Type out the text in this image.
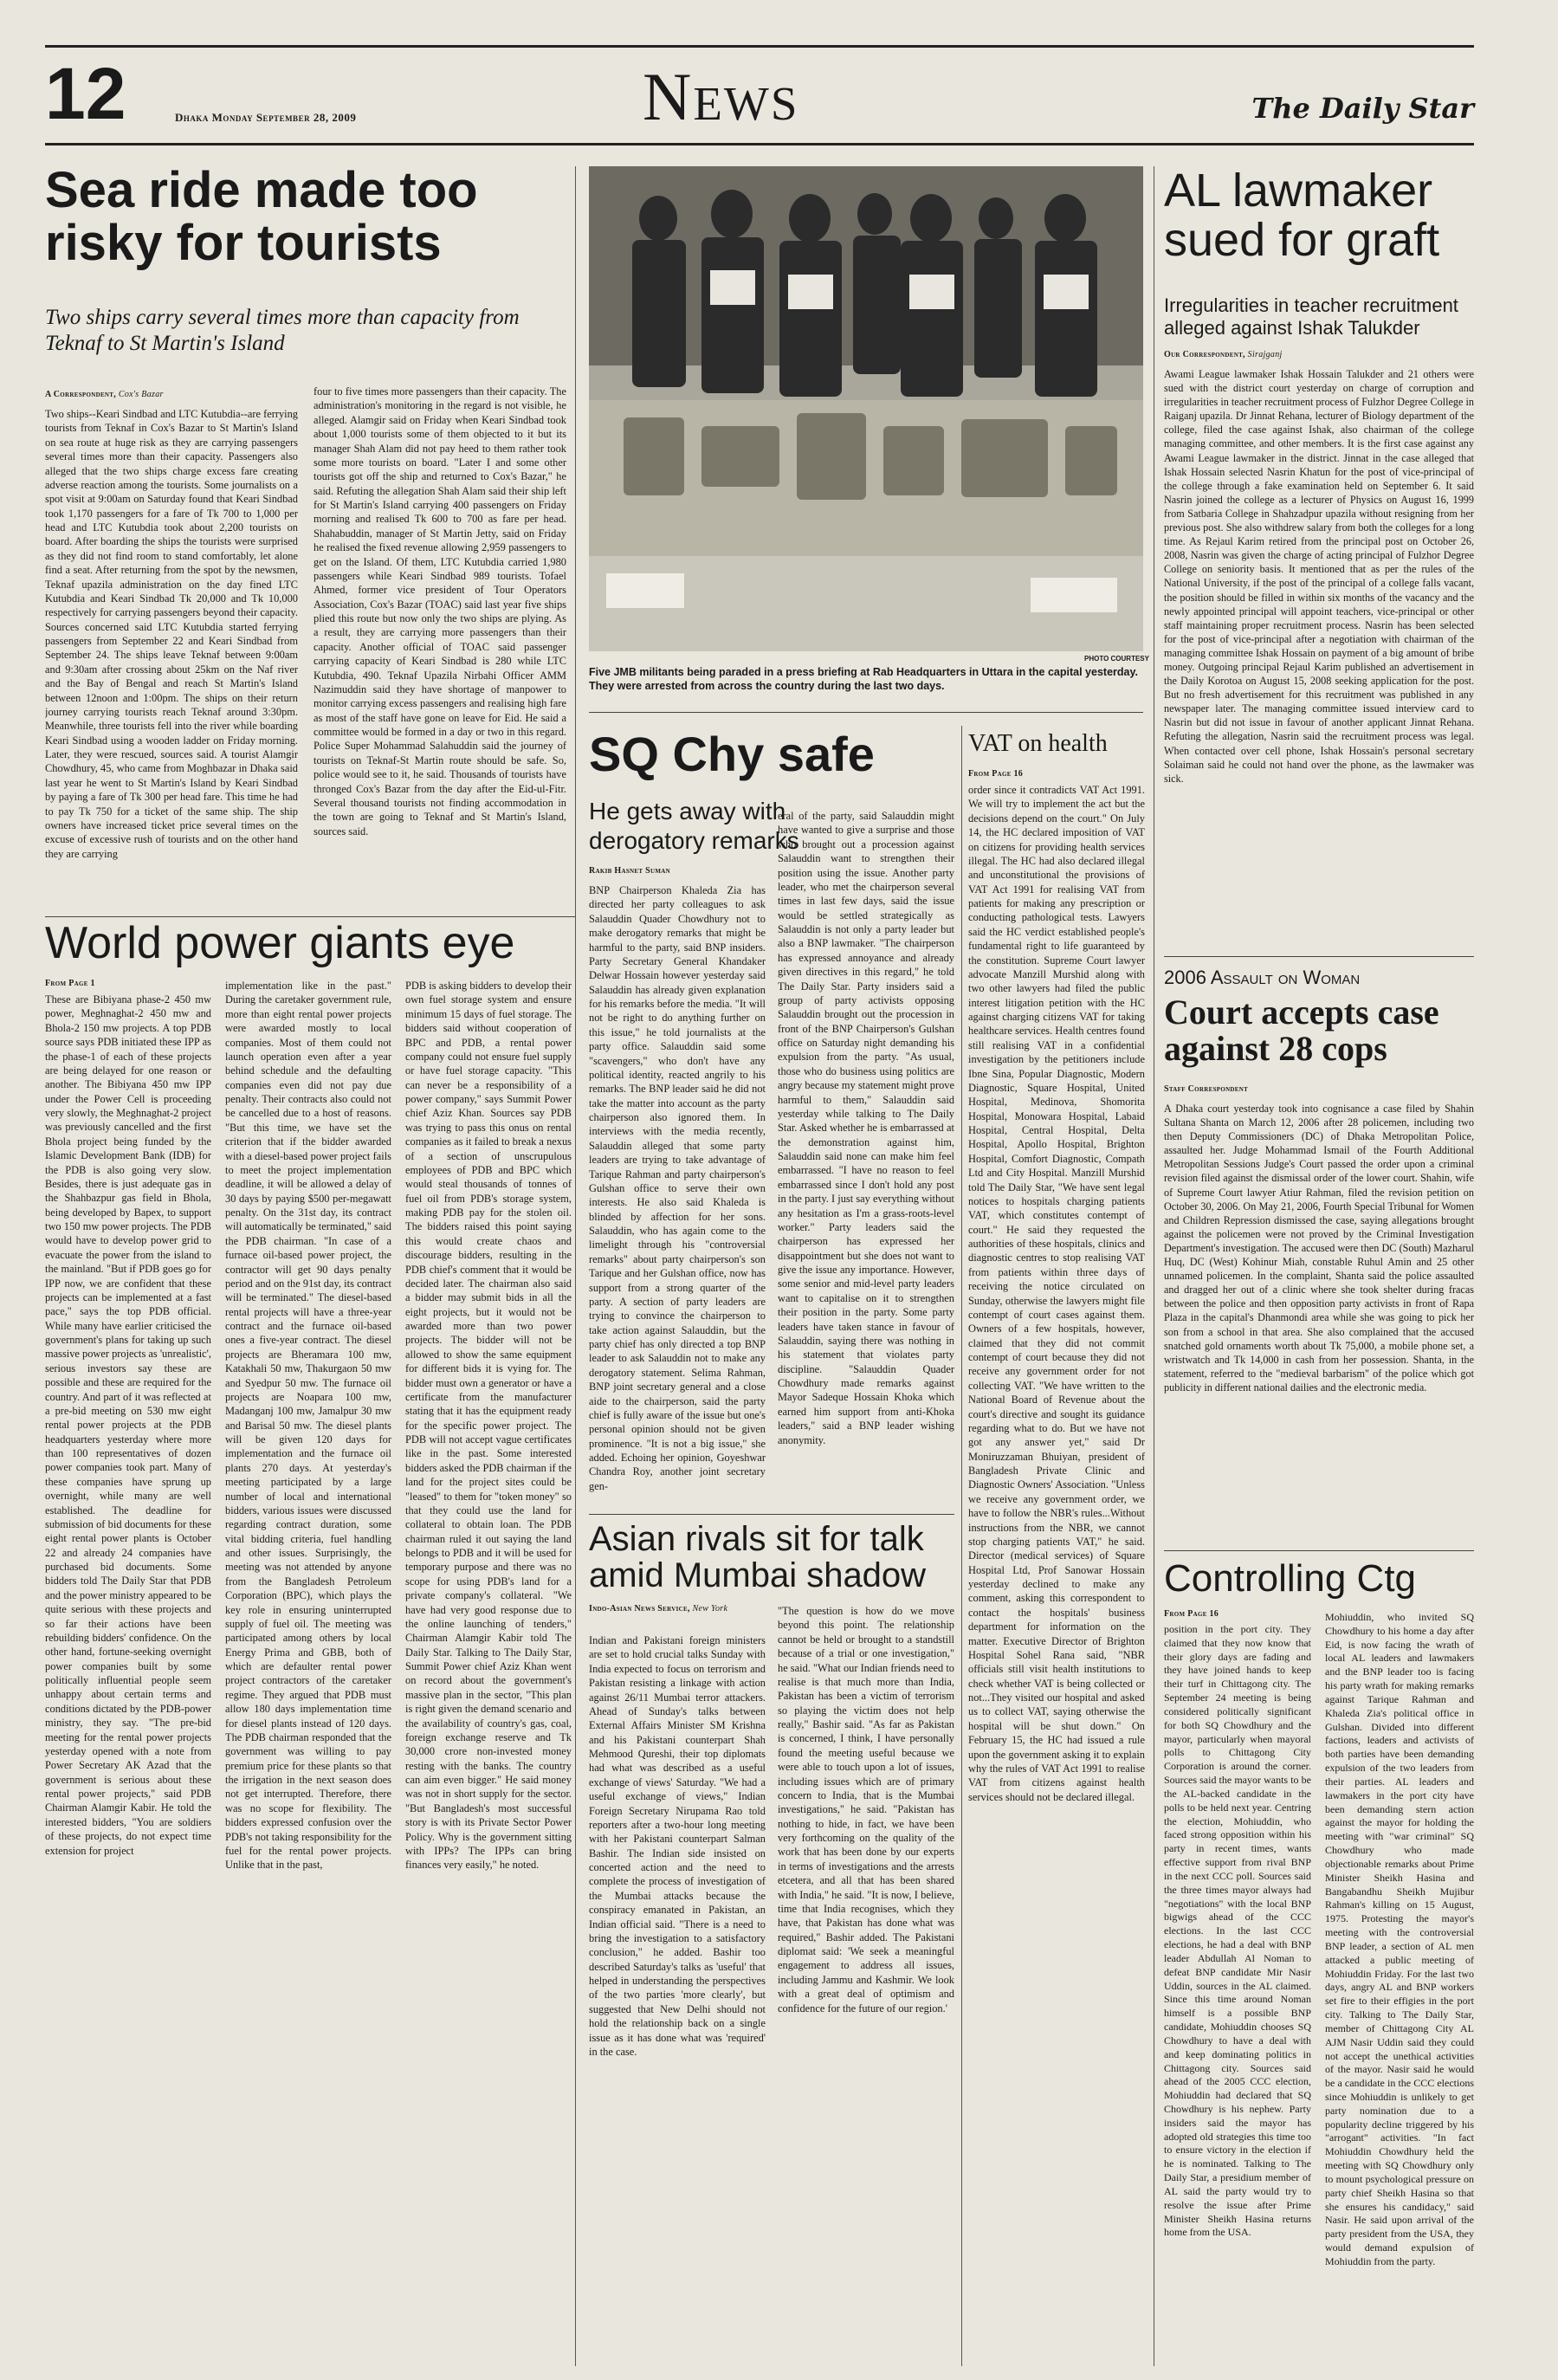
12	Dhaka Monday September 28, 2009	News	The Daily Star
Sea ride made too risky for tourists
Two ships carry several times more than capacity from Teknaf to St Martin's Island
A Correspondent, Cox's Bazar
Two ships--Keari Sindbad and LTC Kutubdia--are ferrying tourists from Teknaf in Cox's Bazar to St Martin's Island on sea route at huge risk as they are carrying passengers several times more than their capacity. Passengers also alleged that the two ships charge excess fare creating adverse reaction among the tourists. Some journalists on a spot visit at 9:00am on Saturday found that Keari Sindbad took 1,170 passengers for a fare of Tk 700 to 1,000 per head and LTC Kutubdia took about 2,200 tourists on board. After boarding the ships the tourists were surprised as they did not find room to stand comfortably, let alone find a seat. After returning from the spot by the newsmen, Teknaf upazila administration on the day fined LTC Kutubdia and Keari Sindbad Tk 20,000 and Tk 10,000 respectively for carrying passengers beyond their capacity. Sources concerned said LTC Kutubdia started ferrying passengers from September 22 and Keari Sindbad from September 24. The ships leave Teknaf between 9:00am and 9:30am after crossing about 25km on the Naf river and the Bay of Bengal and reach St Martin's Island between 12noon and 1:00pm. The ships on their return journey carrying tourists reach Teknaf around 3:30pm. Meanwhile, three tourists fell into the river while boarding Keari Sindbad using a wooden ladder on Friday morning. Later, they were rescued, sources said. A tourist Alamgir Chowdhury, 45, who came from Moghbazar in Dhaka said last year he went to St Martin's Island by Keari Sindbad by paying a fare of Tk 300 per head fare. This time he had to pay Tk 750 for a ticket of the same ship. The ship owners have increased ticket price several times on the excuse of excessive rush of tourists and on the other hand they are carrying
four to five times more passengers than their capacity. The administration's monitoring in the regard is not visible, he alleged. Alamgir said on Friday when Keari Sindbad took about 1,000 tourists some of them objected to it but its manager Shah Alam did not pay heed to them rather took some more tourists on board. "Later I and some other tourists got off the ship and returned to Cox's Bazar," he said. Refuting the allegation Shah Alam said their ship left for St Martin's Island carrying 400 passengers on Friday morning and realised Tk 600 to 700 as fare per head. Shahabuddin, manager of St Martin Jetty, said on Friday he realised the fixed revenue allowing 2,959 passengers to get on the Island. Of them, LTC Kutubdia carried 1,980 passengers while Keari Sindbad 989 tourists. Tofael Ahmed, former vice president of Tour Operators Association, Cox's Bazar (TOAC) said last year five ships plied this route but now only the two ships are plying. As a result, they are carrying more passengers than their capacity. Another official of TOAC said passenger carrying capacity of Keari Sindbad is 280 while LTC Kutubdia, 490. Teknaf Upazila Nirbahi Officer AMM Nazimuddin said they have shortage of manpower to monitor carrying excess passengers and realising high fare as most of the staff have gone on leave for Eid. He said a committee would be formed in a day or two in this regard. Police Super Mohammad Salahuddin said the journey of tourists on Teknaf-St Martin route should be safe. So, police would see to it, he said. Thousands of tourists have thronged Cox's Bazar from the day after the Eid-ul-Fitr. Several thousand tourists not finding accommodation in the town are going to Teknaf and St Martin's Island, sources said.
PHOTO COURTESY
Five JMB militants being paraded in a press briefing at Rab Headquarters in Uttara in the capital yesterday. They were arrested from across the country during the last two days.
SQ Chy safe
He gets away with derogatory remarks
Rakib Hasnet Suman
BNP Chairperson Khaleda Zia has directed her party colleagues to ask Salauddin Quader Chowdhury not to make derogatory remarks that might be harmful to the party, said BNP insiders. Party Secretary General Khandaker Delwar Hossain however yesterday said Salauddin has already given explanation for his remarks before the media. "It will not be right to do anything further on this issue," he told journalists at the party office. Salauddin said some "scavengers," who don't have any political identity, reacted angrily to his remarks. The BNP leader said he did not take the matter into account as the party chairperson also ignored them. In interviews with the media recently, Salauddin alleged that some party leaders are trying to take advantage of Tarique Rahman and party chairperson's Gulshan office to serve their own interests. He also said Khaleda is blinded by affection for her sons. Salauddin, who has again come to the limelight through his "controversial remarks" about party chairperson's son Tarique and her Gulshan office, now has support from a strong quarter of the party. A section of party leaders are trying to convince the chairperson to take action against Salauddin, but the party chief has only directed a top BNP leader to ask Salauddin not to make any derogatory statement. Selima Rahman, BNP joint secretary general and a close aide to the chairperson, said the party chief is fully aware of the issue but one's personal opinion should not be given prominence. "It is not a big issue," she added. Echoing her opinion, Goyeshwar Chandra Roy, another joint secretary gen-
eral of the party, said Salauddin might have wanted to give a surprise and those who brought out a procession against Salauddin want to strengthen their position using the issue. Another party leader, who met the chairperson several times in last few days, said the issue would be settled strategically as Salauddin is not only a party leader but also a BNP lawmaker. "The chairperson has expressed annoyance and already given directives in this regard," he told The Daily Star. Party insiders said a group of party activists opposing Salauddin brought out the procession in front of the BNP Chairperson's Gulshan office on Saturday night demanding his expulsion from the party. "As usual, those who do business using politics are angry because my statement might prove harmful to them," Salauddin said yesterday while talking to The Daily Star. Asked whether he is embarrassed at the demonstration against him, Salauddin said none can make him feel embarrassed. "I have no reason to feel embarrassed since I don't hold any post in the party. I just say everything without any hesitation as I'm a grass-roots-level worker." Party leaders said the chairperson has expressed her disappointment but she does not want to give the issue any importance. However, some senior and mid-level party leaders want to capitalise on it to strengthen their position in the party. Some party leaders have taken stance in favour of Salauddin, saying there was nothing in his statement that violates party discipline. "Salauddin Quader Chowdhury made remarks against Mayor Sadeque Hossain Khoka which earned him support from anti-Khoka leaders," said a BNP leader wishing anonymity.
VAT on health
From Page 16
order since it contradicts VAT Act 1991. We will try to implement the act but the decisions depend on the court." On July 14, the HC declared imposition of VAT on citizens for providing health services illegal. The HC had also declared illegal and unconstitutional the provisions of VAT Act 1991 for realising VAT from patients for making any prescription or conducting pathological tests. Lawyers said the HC verdict established people's fundamental right to life guaranteed by the constitution. Supreme Court lawyer advocate Manzill Murshid along with two other lawyers had filed the public interest litigation petition with the HC against charging citizens VAT for taking healthcare services. Health centres found still realising VAT in a confidential investigation by the petitioners include Ibne Sina, Popular Diagnostic, Modern Diagnostic, Square Hospital, United Hospital, Medinova, Shomorita Hospital, Monowara Hospital, Labaid Hospital, Central Hospital, Delta Hospital, Apollo Hospital, Brighton Hospital, Comfort Diagnostic, Compath Ltd and City Hospital. Manzill Murshid told The Daily Star, "We have sent legal notices to hospitals charging patients VAT, which constitutes contempt of court." He said they requested the authorities of these hospitals, clinics and diagnostic centres to stop realising VAT from patients within three days of receiving the notice circulated on Sunday, otherwise the lawyers might file contempt of court cases against them. Owners of a few hospitals, however, claimed that they did not commit contempt of court because they did not receive any government order for not collecting VAT. "We have written to the National Board of Revenue about the court's directive and sought its guidance regarding what to do. But we have not got any answer yet," said Dr Moniruzzaman Bhuiyan, president of Bangladesh Private Clinic and Diagnostic Owners' Association. "Unless we receive any government order, we have to follow the NBR's rules...Without instructions from the NBR, we cannot stop charging patients VAT," he said. Director (medical services) of Square Hospital Ltd, Prof Sanowar Hossain yesterday declined to make any comment, asking this correspondent to contact the hospitals' business department for information on the matter. Executive Director of Brighton Hospital Sohel Rana said, "NBR officials still visit health institutions to check whether VAT is being collected or not...They visited our hospital and asked us to collect VAT, saying otherwise the hospital will be shut down." On February 15, the HC had issued a rule upon the government asking it to explain why the rules of VAT Act 1991 to realise VAT from citizens against health services should not be declared illegal.
AL lawmaker sued for graft
Irregularities in teacher recruitment alleged against Ishak Talukder
Our Correspondent, Sirajganj
Awami League lawmaker Ishak Hossain Talukder and 21 others were sued with the district court yesterday on charge of corruption and irregularities in teacher recruitment process of Fulzhor Degree College in Raiganj upazila. Dr Jinnat Rehana, lecturer of Biology department of the college, filed the case against Ishak, also chairman of the college managing committee, and other members. It is the first case against any Awami League lawmaker in the district. Jinnat in the case alleged that Ishak Hossain selected Nasrin Khatun for the post of vice-principal of the college through a fake examination held on September 6. It said Nasrin joined the college as a lecturer of Physics on August 16, 1999 from Satbaria College in Shahzadpur upazila without resigning from her previous post. She also withdrew salary from both the colleges for a long time. As Rejaul Karim retired from the principal post on October 26, 2008, Nasrin was given the charge of acting principal of Fulzhor Degree College on seniority basis. It mentioned that as per the rules of the National University, if the post of the principal of a college falls vacant, the position should be filled in within six months of the vacancy and the newly appointed principal will appoint teachers, vice-principal or other staff maintaining proper recruitment process. Nasrin has been selected for the post of vice-principal after a negotiation with chairman of the managing committee Ishak Hossain on payment of a big amount of bribe money. Outgoing principal Rejaul Karim published an advertisement in the Daily Korotoa on August 15, 2008 seeking application for the post. But no fresh advertisement for this recruitment was published in any newspaper later. The managing committee issued interview card to Nasrin but did not issue in favour of another applicant Jinnat Rehana. Refuting the allegation, Nasrin said the recruitment process was legal. When contacted over cell phone, Ishak Hossain's personal secretary Solaiman said he could not hand over the phone, as the lawmaker was sick.
2006 Assault on Woman
Court accepts case against 28 cops
Staff Correspondent
A Dhaka court yesterday took into cognisance a case filed by Shahin Sultana Shanta on March 12, 2006 after 28 policemen, including two then Deputy Commissioners (DC) of Dhaka Metropolitan Police, assaulted her. Judge Mohammad Ismail of the Fourth Additional Metropolitan Sessions Judge's Court passed the order upon a criminal revision filed against the dismissal order of the lower court. Shahin, wife of Supreme Court lawyer Atiur Rahman, filed the revision petition on October 30, 2006. On May 21, 2006, Fourth Special Tribunal for Women and Children Repression dismissed the case, saying allegations brought against the policemen were not proved by the Criminal Investigation Department's investigation. The accused were then DC (South) Mazharul Huq, DC (West) Kohinur Miah, constable Ruhul Amin and 25 other unnamed policemen. In the complaint, Shanta said the police assaulted and dragged her out of a clinic where she took shelter during fracas between the police and then opposition party activists in front of Rapa Plaza in the capital's Dhanmondi area while she was going to pick her son from a school in that area. She also complained that the accused snatched gold ornaments worth about Tk 75,000, a mobile phone set, a wristwatch and Tk 14,000 in cash from her possession. Shanta, in the statement, referred to the "medieval barbarism" of the police which got publicity in different national dailies and the electronic media.
Controlling Ctg
From Page 16
position in the port city. They claimed that they now know that their glory days are fading and they have joined hands to keep their turf in Chittagong city. The September 24 meeting is being considered politically significant for both SQ Chowdhury and the mayor, particularly when mayoral polls to Chittagong City Corporation is around the corner. Sources said the mayor wants to be the AL-backed candidate in the polls to be held next year. Centring the election, Mohiuddin, who faced strong opposition within his party in recent times, wants effective support from rival BNP in the next CCC poll. Sources said the three times mayor always had "negotiations" with the local BNP bigwigs ahead of the CCC elections. In the last CCC elections, he had a deal with BNP leader Abdullah Al Noman to defeat BNP candidate Mir Nasir Uddin, sources in the AL claimed. Since this time around Noman himself is a possible BNP candidate, Mohiuddin chooses SQ Chowdhury to have a deal with and keep dominating politics in Chittagong city. Sources said ahead of the 2005 CCC election, Mohiuddin had declared that SQ Chowdhury is his nephew. Party insiders said the mayor has adopted old strategies this time too to ensure victory in the election if he is nominated. Talking to The Daily Star, a presidium member of AL said the party would try to resolve the issue after Prime Minister Sheikh Hasina returns home from the USA.
Mohiuddin, who invited SQ Chowdhury to his home a day after Eid, is now facing the wrath of local AL leaders and lawmakers and the BNP leader too is facing his party wrath for making remarks against Tarique Rahman and Khaleda Zia's political office in Gulshan. Divided into different factions, leaders and activists of both parties have been demanding expulsion of the two leaders from their parties. AL leaders and lawmakers in the port city have been demanding stern action against the mayor for holding the meeting with "war criminal" SQ Chowdhury who made objectionable remarks about Prime Minister Sheikh Hasina and Bangabandhu Sheikh Mujibur Rahman's killing on 15 August, 1975. Protesting the mayor's meeting with the controversial BNP leader, a section of AL men attacked a public meeting of Mohiuddin Friday. For the last two days, angry AL and BNP workers set fire to their effigies in the port city. Talking to The Daily Star, member of Chittagong City AL AJM Nasir Uddin said they could not accept the unethical activities of the mayor. Nasir said he would be a candidate in the CCC elections since Mohiuddin is unlikely to get party nomination due to a popularity decline triggered by his "arrogant" activities. "In fact Mohiuddin Chowdhury held the meeting with SQ Chowdhury only to mount psychological pressure on party chief Sheikh Hasina so that she ensures his candidacy," said Nasir. He said upon arrival of the party president from the USA, they would demand expulsion of Mohiuddin from the party.
World power giants eye
From Page 1
These are Bibiyana phase-2 450 mw power, Meghnaghat-2 450 mw and Bhola-2 150 mw projects. A top PDB source says PDB initiated these IPP as the phase-1 of each of these projects are being delayed for one reason or another. The Bibiyana 450 mw IPP under the Power Cell is proceeding very slowly, the Meghnaghat-2 project was previously cancelled and the first Bhola project being funded by the Islamic Development Bank (IDB) for the PDB is also going very slow. Besides, there is just adequate gas in the Shahbazpur gas field in Bhola, being developed by Bapex, to support two 150 mw power projects. The PDB would have to develop power grid to evacuate the power from the island to the mainland. "But if PDB goes go for IPP now, we are confident that these projects can be implemented at a fast pace," says the top PDB official. While many have earlier criticised the government's plans for taking up such massive power projects as 'unrealistic', serious investors say these are possible and these are required for the country. And part of it was reflected at a pre-bid meeting on 530 mw eight rental power projects at the PDB headquarters yesterday where more than 100 representatives of dozen power companies took part. Many of these companies have sprung up overnight, while many are well established. The deadline for submission of bid documents for these eight rental power plants is October 22 and already 24 companies have purchased bid documents. Some bidders told The Daily Star that PDB and the power ministry appeared to be quite serious with these projects and so far their actions have been rebuilding bidders' confidence. On the other hand, fortune-seeking overnight power companies built by some politically influential people seem unhappy about certain terms and conditions dictated by the PDB-power ministry, they say. "The pre-bid meeting for the rental power projects yesterday opened with a note from Power Secretary AK Azad that the government is serious about these rental power projects," said PDB Chairman Alamgir Kabir. He told the interested bidders, "You are soldiers of these projects, do not expect time extension for project
implementation like in the past." During the caretaker government rule, more than eight rental power projects were awarded mostly to local companies. Most of them could not launch operation even after a year behind schedule and the defaulting companies even did not pay due penalty. Their contracts also could not be cancelled due to a host of reasons. "But this time, we have set the criterion that if the bidder awarded with a diesel-based power project fails to meet the project implementation deadline, it will be allowed a delay of 30 days by paying $500 per-megawatt penalty. On the 31st day, its contract will automatically be terminated," said the PDB chairman. "In case of a furnace oil-based power project, the contractor will get 90 days penalty period and on the 91st day, its contract will be terminated." The diesel-based rental projects will have a three-year contract and the furnace oil-based ones a five-year contract. The diesel projects are Bheramara 100 mw, Katakhali 50 mw, Thakurgaon 50 mw and Syedpur 50 mw. The furnace oil projects are Noapara 100 mw, Madanganj 100 mw, Jamalpur 30 mw and Barisal 50 mw. The diesel plants will be given 120 days for implementation and the furnace oil plants 270 days. At yesterday's meeting participated by a large number of local and international bidders, various issues were discussed regarding contract duration, some vital bidding criteria, fuel handling and other issues. Surprisingly, the meeting was not attended by anyone from the Bangladesh Petroleum Corporation (BPC), which plays the key role in ensuring uninterrupted supply of fuel oil. The meeting was participated among others by local Energy Prima and GBB, both of which are defaulter rental power project contractors of the caretaker regime. They argued that PDB must allow 180 days implementation time for diesel plants instead of 120 days. The PDB chairman responded that the government was willing to pay premium price for these plants so that the irrigation in the next season does not get interrupted. Therefore, there was no scope for flexibility. The bidders expressed confusion over the PDB's not taking responsibility for the fuel for the rental power projects. Unlike that in the past,
PDB is asking bidders to develop their own fuel storage system and ensure minimum 15 days of fuel storage. The bidders said without cooperation of BPC and PDB, a rental power company could not ensure fuel supply or have fuel storage capacity. "This can never be a responsibility of a power company," says Summit Power chief Aziz Khan. Sources say PDB was trying to pass this onus on rental companies as it failed to break a nexus of a section of unscrupulous employees of PDB and BPC which would steal thousands of tonnes of fuel oil from PDB's storage system, making PDB pay for the stolen oil. The bidders raised this point saying this would create chaos and discourage bidders, resulting in the PDB chief's comment that it would be decided later. The chairman also said a bidder may submit bids in all the eight projects, but it would not be awarded more than two power projects. The bidder will not be allowed to show the same equipment for different bids it is vying for. The bidder must own a generator or have a certificate from the manufacturer stating that it has the equipment ready for the specific power project. The PDB will not accept vague certificates like in the past. Some interested bidders asked the PDB chairman if the land for the project sites could be "leased" to them for "token money" so that they could use the land for collateral to obtain loan. The PDB chairman ruled it out saying the land belongs to PDB and it will be used for temporary purpose and there was no scope for using PDB's land for a private company's collateral. "We have had very good response due to the online launching of tenders," Chairman Alamgir Kabir told The Daily Star. Talking to The Daily Star, Summit Power chief Aziz Khan went on record about the government's massive plan in the sector, "This plan is right given the demand scenario and the availability of country's gas, coal, foreign exchange reserve and Tk 30,000 crore non-invested money resting with the banks. The country can aim even bigger." He said money was not in short supply for the sector. "But Bangladesh's most successful story is with its Private Sector Power Policy. Why is the government sitting with IPPs? The IPPs can bring finances very easily," he noted.
Asian rivals sit for talk amid Mumbai shadow
Indo-Asian News Service, New York
Indian and Pakistani foreign ministers are set to hold crucial talks Sunday with India expected to focus on terrorism and Pakistan resisting a linkage with action against 26/11 Mumbai terror attackers. Ahead of Sunday's talks between External Affairs Minister SM Krishna and his Pakistani counterpart Shah Mehmood Qureshi, their top diplomats had what was described as a useful exchange of views' Saturday. "We had a useful exchange of views," Indian Foreign Secretary Nirupama Rao told reporters after a two-hour long meeting with her Pakistani counterpart Salman Bashir. The Indian side insisted on concerted action and the need to complete the process of investigation of the Mumbai attacks because the conspiracy emanated in Pakistan, an Indian official said. "There is a need to bring the investigation to a satisfactory conclusion," he added. Bashir too described Saturday's talks as 'useful' that helped in understanding the perspectives of the two parties 'more clearly', but suggested that New Delhi should not hold the relationship back on a single issue as it has done what was 'required' in the case.
"The question is how do we move beyond this point. The relationship cannot be held or brought to a standstill because of a trial or one investigation," he said. "What our Indian friends need to realise is that much more than India, Pakistan has been a victim of terrorism so playing the victim does not help really," Bashir said. "As far as Pakistan is concerned, I think, I have personally found the meeting useful because we were able to touch upon a lot of issues, including issues which are of primary concern to India, that is the Mumbai investigations," he said. "Pakistan has nothing to hide, in fact, we have been very forthcoming on the quality of the work that has been done by our experts in terms of investigations and the arrests etcetera, and all that has been shared with India," he said. "It is now, I believe, time that India recognises, which they have, that Pakistan has done what was required," Bashir added. The Pakistani diplomat said: 'We seek a meaningful engagement to address all issues, including Jammu and Kashmir. We look with a great deal of optimism and confidence for the future of our region.'
